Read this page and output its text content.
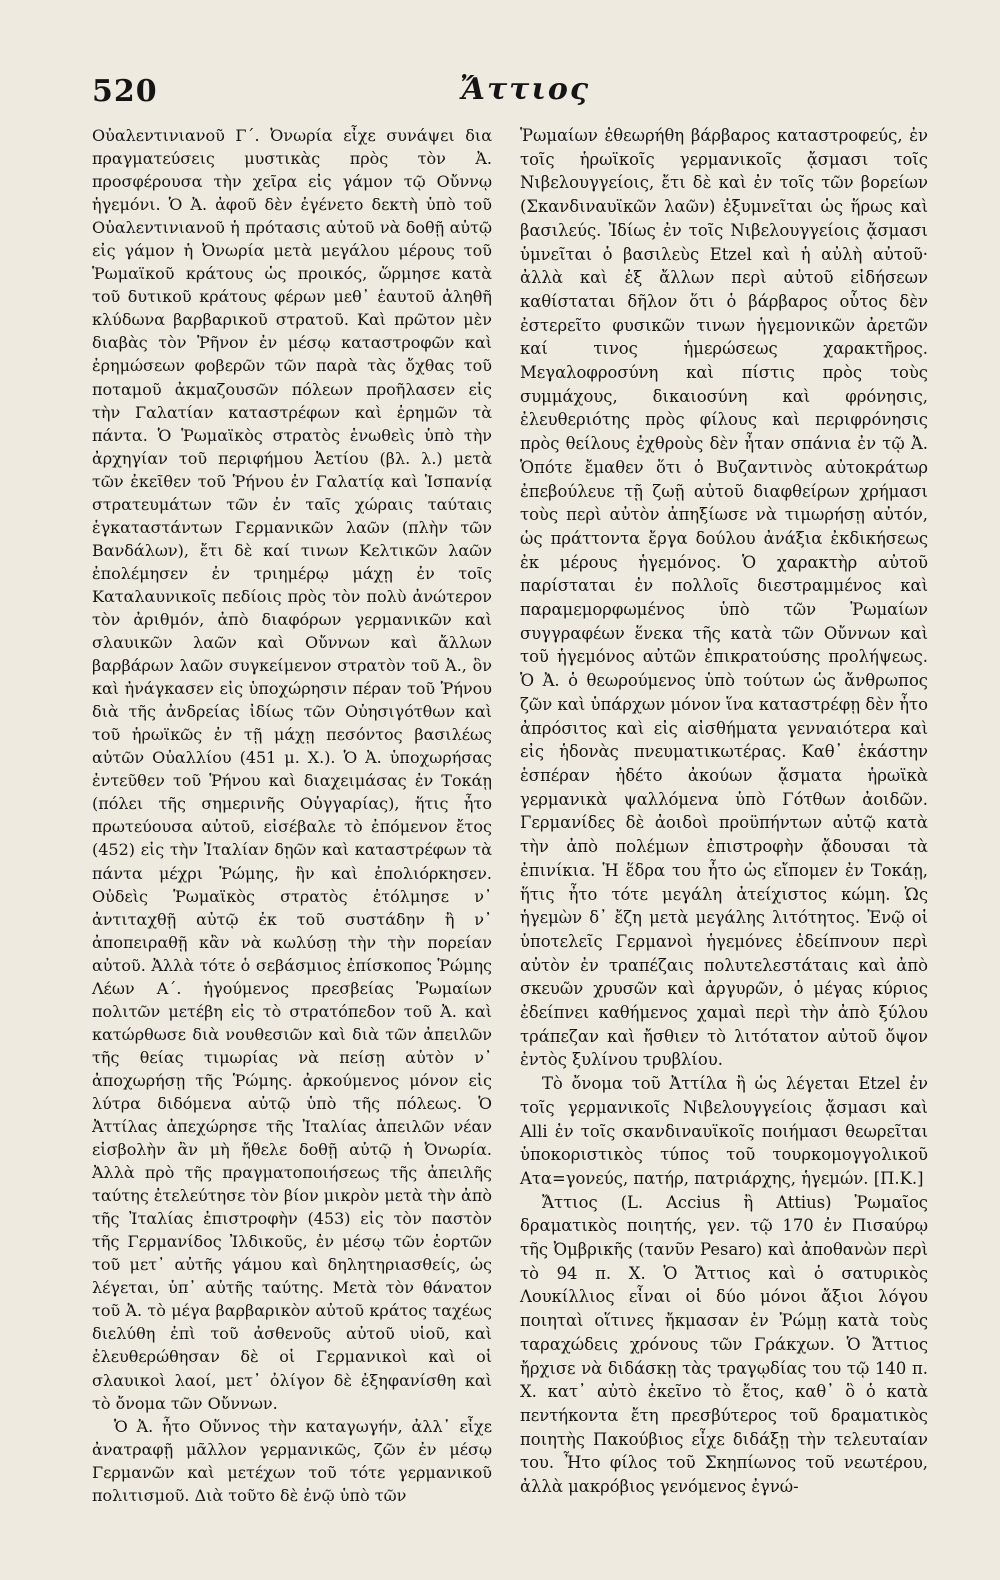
520	Ἄττιος

Οὐαλεντινιανοῦ Γ΄. Ὀνωρία εἶχε συνάψει δια πραγματεύσεις μυστικὰς πρὸς τὸν Ἀ. προσφέρουσα τὴν χεῖρα εἰς γάμον τῷ Οὔννῳ ἡγεμόνι. Ὁ Ἀ. ἀφοῦ δὲν ἐγένετο δεκτὴ ὑπὸ τοῦ Οὐαλεντινιανοῦ ἡ πρότασις αὐτοῦ νὰ δοθῇ αὐτῷ εἰς γάμον ἡ Ὀνωρία μετὰ μεγάλου μέρους τοῦ Ῥωμαϊκοῦ κράτους ὡς προικός, ὥρμησε κατὰ τοῦ δυτικοῦ κράτους φέρων μεθ᾽ ἑαυτοῦ ἀληθῆ κλύδωνα βαρβαρικοῦ στρατοῦ. Καὶ πρῶτον μὲν διαβὰς τὸν Ῥῆνον ἐν μέσῳ καταστροφῶν καὶ ἐρημώσεων φοβερῶν τῶν παρὰ τὰς ὄχθας τοῦ ποταμοῦ ἀκμαζουσῶν πόλεων προῆλασεν εἰς τὴν Γαλατίαν καταστρέφων καὶ ἐρημῶν τὰ πάντα. Ὁ Ῥωμαϊκὸς στρατὸς ἑνωθεὶς ὑπὸ τὴν ἀρχηγίαν τοῦ περιφήμου Ἀετίου (βλ. λ.) μετὰ τῶν ἐκεῖθεν τοῦ Ῥήνου ἐν Γαλατίᾳ καὶ Ἱσπανίᾳ στρατευμάτων τῶν ἐν ταῖς χώραις ταύταις ἐγκαταστάντων Γερμανικῶν λαῶν (πλὴν τῶν Βανδάλων), ἔτι δὲ καί τινων Κελτικῶν λαῶν ἐπολέμησεν ἐν τριημέρῳ μάχῃ ἐν τοῖς Καταλαυνικοῖς πεδίοις πρὸς τὸν πολὺ ἀνώτερον τὸν ἀριθμόν, ἀπὸ διαφόρων γερμανικῶν καὶ σλαυικῶν λαῶν καὶ Οὔννων καὶ ἄλλων βαρβάρων λαῶν συγκείμενον στρατὸν τοῦ Ἀ., ὃν καὶ ἠνάγκασεν εἰς ὑποχώρησιν πέραν τοῦ Ῥήνου διὰ τῆς ἀνδρείας ἰδίως τῶν Οὐησιγότθων καὶ τοῦ ἡρωϊκῶς ἐν τῇ μάχῃ πεσόντος βασιλέως αὐτῶν Οὐαλλίου (451 μ. Χ.). Ὁ Ἀ. ὑποχωρήσας ἐντεῦθεν τοῦ Ῥήνου καὶ διαχειμάσας ἐν Τοκάῃ (πόλει τῆς σημερινῆς Οὐγγαρίας), ἥτις ἦτο πρωτεύουσα αὐτοῦ, εἰσέβαλε τὸ ἐπόμενον ἔτος (452) εἰς τὴν Ἰταλίαν δῃῶν καὶ καταστρέφων τὰ πάντα μέχρι Ῥώμης, ἣν καὶ ἐπολιόρκησεν. Οὐδεὶς Ῥωμαϊκὸς στρατὸς ἐτόλμησε ν᾽ ἀντιταχθῇ αὐτῷ ἐκ τοῦ συστάδην ἢ ν᾽ ἀποπειραθῇ κἂν νὰ κωλύσῃ τὴν τὴν πορείαν αὐτοῦ. Ἀλλὰ τότε ὁ σεβάσμιος ἐπίσκοπος Ῥώμης Λέων Α΄. ἡγούμενος πρεσβείας Ῥωμαίων πολιτῶν μετέβη εἰς τὸ στρατόπεδον τοῦ Ἀ. καὶ κατώρθωσε διὰ νουθεσιῶν καὶ διὰ τῶν ἀπειλῶν τῆς θείας τιμωρίας νὰ πείσῃ αὐτὸν ν᾽ ἀποχωρήσῃ τῆς Ῥώμης. ἀρκούμενος μόνον εἰς λύτρα διδόμενα αὐτῷ ὑπὸ τῆς πόλεως. Ὁ Ἀττίλας ἀπεχώρησε τῆς Ἰταλίας ἀπειλῶν νέαν εἰσβολὴν ἂν μὴ ἤθελε δοθῇ αὐτῷ ἡ Ὀνωρία. Ἀλλὰ πρὸ τῆς πραγματοποιήσεως τῆς ἀπειλῆς ταύτης ἐτελεύτησε τὸν βίον μικρὸν μετὰ τὴν ἀπὸ τῆς Ἰταλίας ἐπιστροφὴν (453) εἰς τὸν παστὸν τῆς Γερμανίδος Ἰλδικοῦς, ἐν μέσῳ τῶν ἑορτῶν τοῦ μετ᾽ αὐτῆς γάμου καὶ δηλητηριασθείς, ὡς λέγεται, ὑπ᾽ αὐτῆς ταύτης. Μετὰ τὸν θάνατον τοῦ Ἀ. τὸ μέγα βαρβαρικὸν αὐτοῦ κράτος ταχέως διελύθη ἐπὶ τοῦ ἀσθενοῦς αὐτοῦ υἱοῦ, καὶ ἐλευθερώθησαν δὲ οἱ Γερμανικοὶ καὶ οἱ σλαυικοὶ λαοί, μετ᾽ ὀλίγον δὲ ἐξηφανίσθη καὶ τὸ ὄνομα τῶν Οὔννων.

Ὁ Ἀ. ἦτο Οὔννος τὴν καταγωγήν, ἀλλ᾽ εἶχε ἀνατραφῇ μᾶλλον γερμανικῶς, ζῶν ἐν μέσῳ Γερμανῶν καὶ μετέχων τοῦ τότε γερμανικοῦ πολιτισμοῦ. Διὰ τοῦτο δὲ ἐνῷ ὑπὸ τῶν

Ῥωμαίων ἐθεωρήθη βάρβαρος καταστροφεύς, ἐν τοῖς ἡρωϊκοῖς γερμανικοῖς ᾄσμασι τοῖς Νιβελουγγείοις, ἔτι δὲ καὶ ἐν τοῖς τῶν βορείων (Σκανδιναυϊκῶν λαῶν) ἐξυμνεῖται ὡς ἥρως καὶ βασιλεύς. Ἰδίως ἐν τοῖς Νιβελουγγείοις ᾄσμασι ὑμνεῖται ὁ βασιλεὺς Etzel καὶ ἡ αὐλὴ αὐτοῦ· ἀλλὰ καὶ ἐξ ἄλλων περὶ αὐτοῦ εἰδήσεων καθίσταται δῆλον ὅτι ὁ βάρβαρος οὗτος δὲν ἐστερεῖτο φυσικῶν τινων ἡγεμονικῶν ἀρετῶν καί τινος ἡμερώσεως χαρακτῆρος. Μεγαλοφροσύνη καὶ πίστις πρὸς τοὺς συμμάχους, δικαιοσύνη καὶ φρόνησις, ἐλευθεριότης πρὸς φίλους καὶ περιφρόνησις πρὸς θείλους ἐχθροὺς δὲν ἦταν σπάνια ἐν τῷ Ἀ. Ὁπότε ἔμαθεν ὅτι ὁ Βυζαντινὸς αὐτοκράτωρ ἐπεβούλευε τῇ ζωῇ αὐτοῦ διαφθείρων χρήμασι τοὺς περὶ αὐτὸν ἀπηξίωσε νὰ τιμωρήσῃ αὐτόν, ὡς πράττοντα ἔργα δούλου ἀνάξια ἐκδικήσεως ἐκ μέρους ἡγεμόνος. Ὁ χαρακτὴρ αὐτοῦ παρίσταται ἐν πολλοῖς διεστραμμένος καὶ παραμεμορφωμένος ὑπὸ τῶν Ῥωμαίων συγγραφέων ἕνεκα τῆς κατὰ τῶν Οὔννων καὶ τοῦ ἡγεμόνος αὐτῶν ἐπικρατούσης προλήψεως. Ὁ Ἀ. ὁ θεωρούμενος ὑπὸ τούτων ὡς ἄνθρωπος ζῶν καὶ ὑπάρχων μόνον ἵνα καταστρέφῃ δὲν ἦτο ἀπρόσιτος καὶ εἰς αἰσθήματα γενναιότερα καὶ εἰς ἡδονὰς πνευματικωτέρας. Καθ᾽ ἑκάστην ἑσπέραν ἠδέτο ἀκούων ᾄσματα ἡρωϊκὰ γερμανικὰ ψαλλόμενα ὑπὸ Γότθων ἀοιδῶν. Γερμανίδες δὲ ἀοιδοὶ προϋπήντων αὐτῷ κατὰ τὴν ἀπὸ πολέμων ἐπιστροφὴν ᾄδουσαι τὰ ἐπινίκια. Ἡ ἕδρα του ἦτο ὡς εἴπομεν ἐν Τοκάῃ, ἥτις ἦτο τότε μεγάλη ἀτείχιστος κώμη. Ὡς ἡγεμὼν δ᾽ ἔζη μετὰ μεγάλης λιτότητος. Ἐνῷ οἱ ὑποτελεῖς Γερμανοὶ ἡγεμόνες ἐδείπνουν περὶ αὐτὸν ἐν τραπέζαις πολυτελεστάταις καὶ ἀπὸ σκευῶν χρυσῶν καὶ ἀργυρῶν, ὁ μέγας κύριος ἐδείπνει καθήμενος χαμαὶ περὶ τὴν ἀπὸ ξύλου τράπεζαν καὶ ἤσθιεν τὸ λιτότατον αὐτοῦ ὄψον ἐντὸς ξυλίνου τρυβλίου.

Τὸ ὄνομα τοῦ Ἀττίλα ἢ ὡς λέγεται Etzel ἐν τοῖς γερμανικοῖς Νιβελουγγείοις ᾄσμασι καὶ Alli ἐν τοῖς σκανδιναυϊκοῖς ποιήμασι θεωρεῖται ὑποκοριστικὸς τύπος τοῦ τουρκομογγολικοῦ Ατα=γονεύς, πατήρ, πατριάρχης, ἡγεμών. [Π.Κ.]

Ἄττιος (L. Accius ἢ Attius) Ῥωμαῖος δραματικὸς ποιητής, γεν. τῷ 170 ἐν Πισαύρῳ τῆς Ὀμβρικῆς (τανῦν Pesaro) καὶ ἀποθανὼν περὶ τὸ 94 π. Χ. Ὁ Ἄττιος καὶ ὁ σατυρικὸς Λουκίλλιος εἶναι οἱ δύο μόνοι ἄξιοι λόγου ποιηταὶ οἵτινες ἤκμασαν ἐν Ῥώμῃ κατὰ τοὺς ταραχώδεις χρόνους τῶν Γράκχων. Ὁ Ἄττιος ἤρχισε νὰ διδάσκῃ τὰς τραγῳδίας του τῷ 140 π. Χ. κατ᾽ αὐτὸ ἐκεῖνο τὸ ἔτος, καθ᾽ ὃ ὁ κατὰ πεντήκοντα ἔτη πρεσβύτερος τοῦ δραματικὸς ποιητὴς Πακούβιος εἶχε διδάξῃ τὴν τελευταίαν του. Ἦτο φίλος τοῦ Σκηπίωνος τοῦ νεωτέρου, ἀλλὰ μακρόβιος γενόμενος ἐγνώ-
